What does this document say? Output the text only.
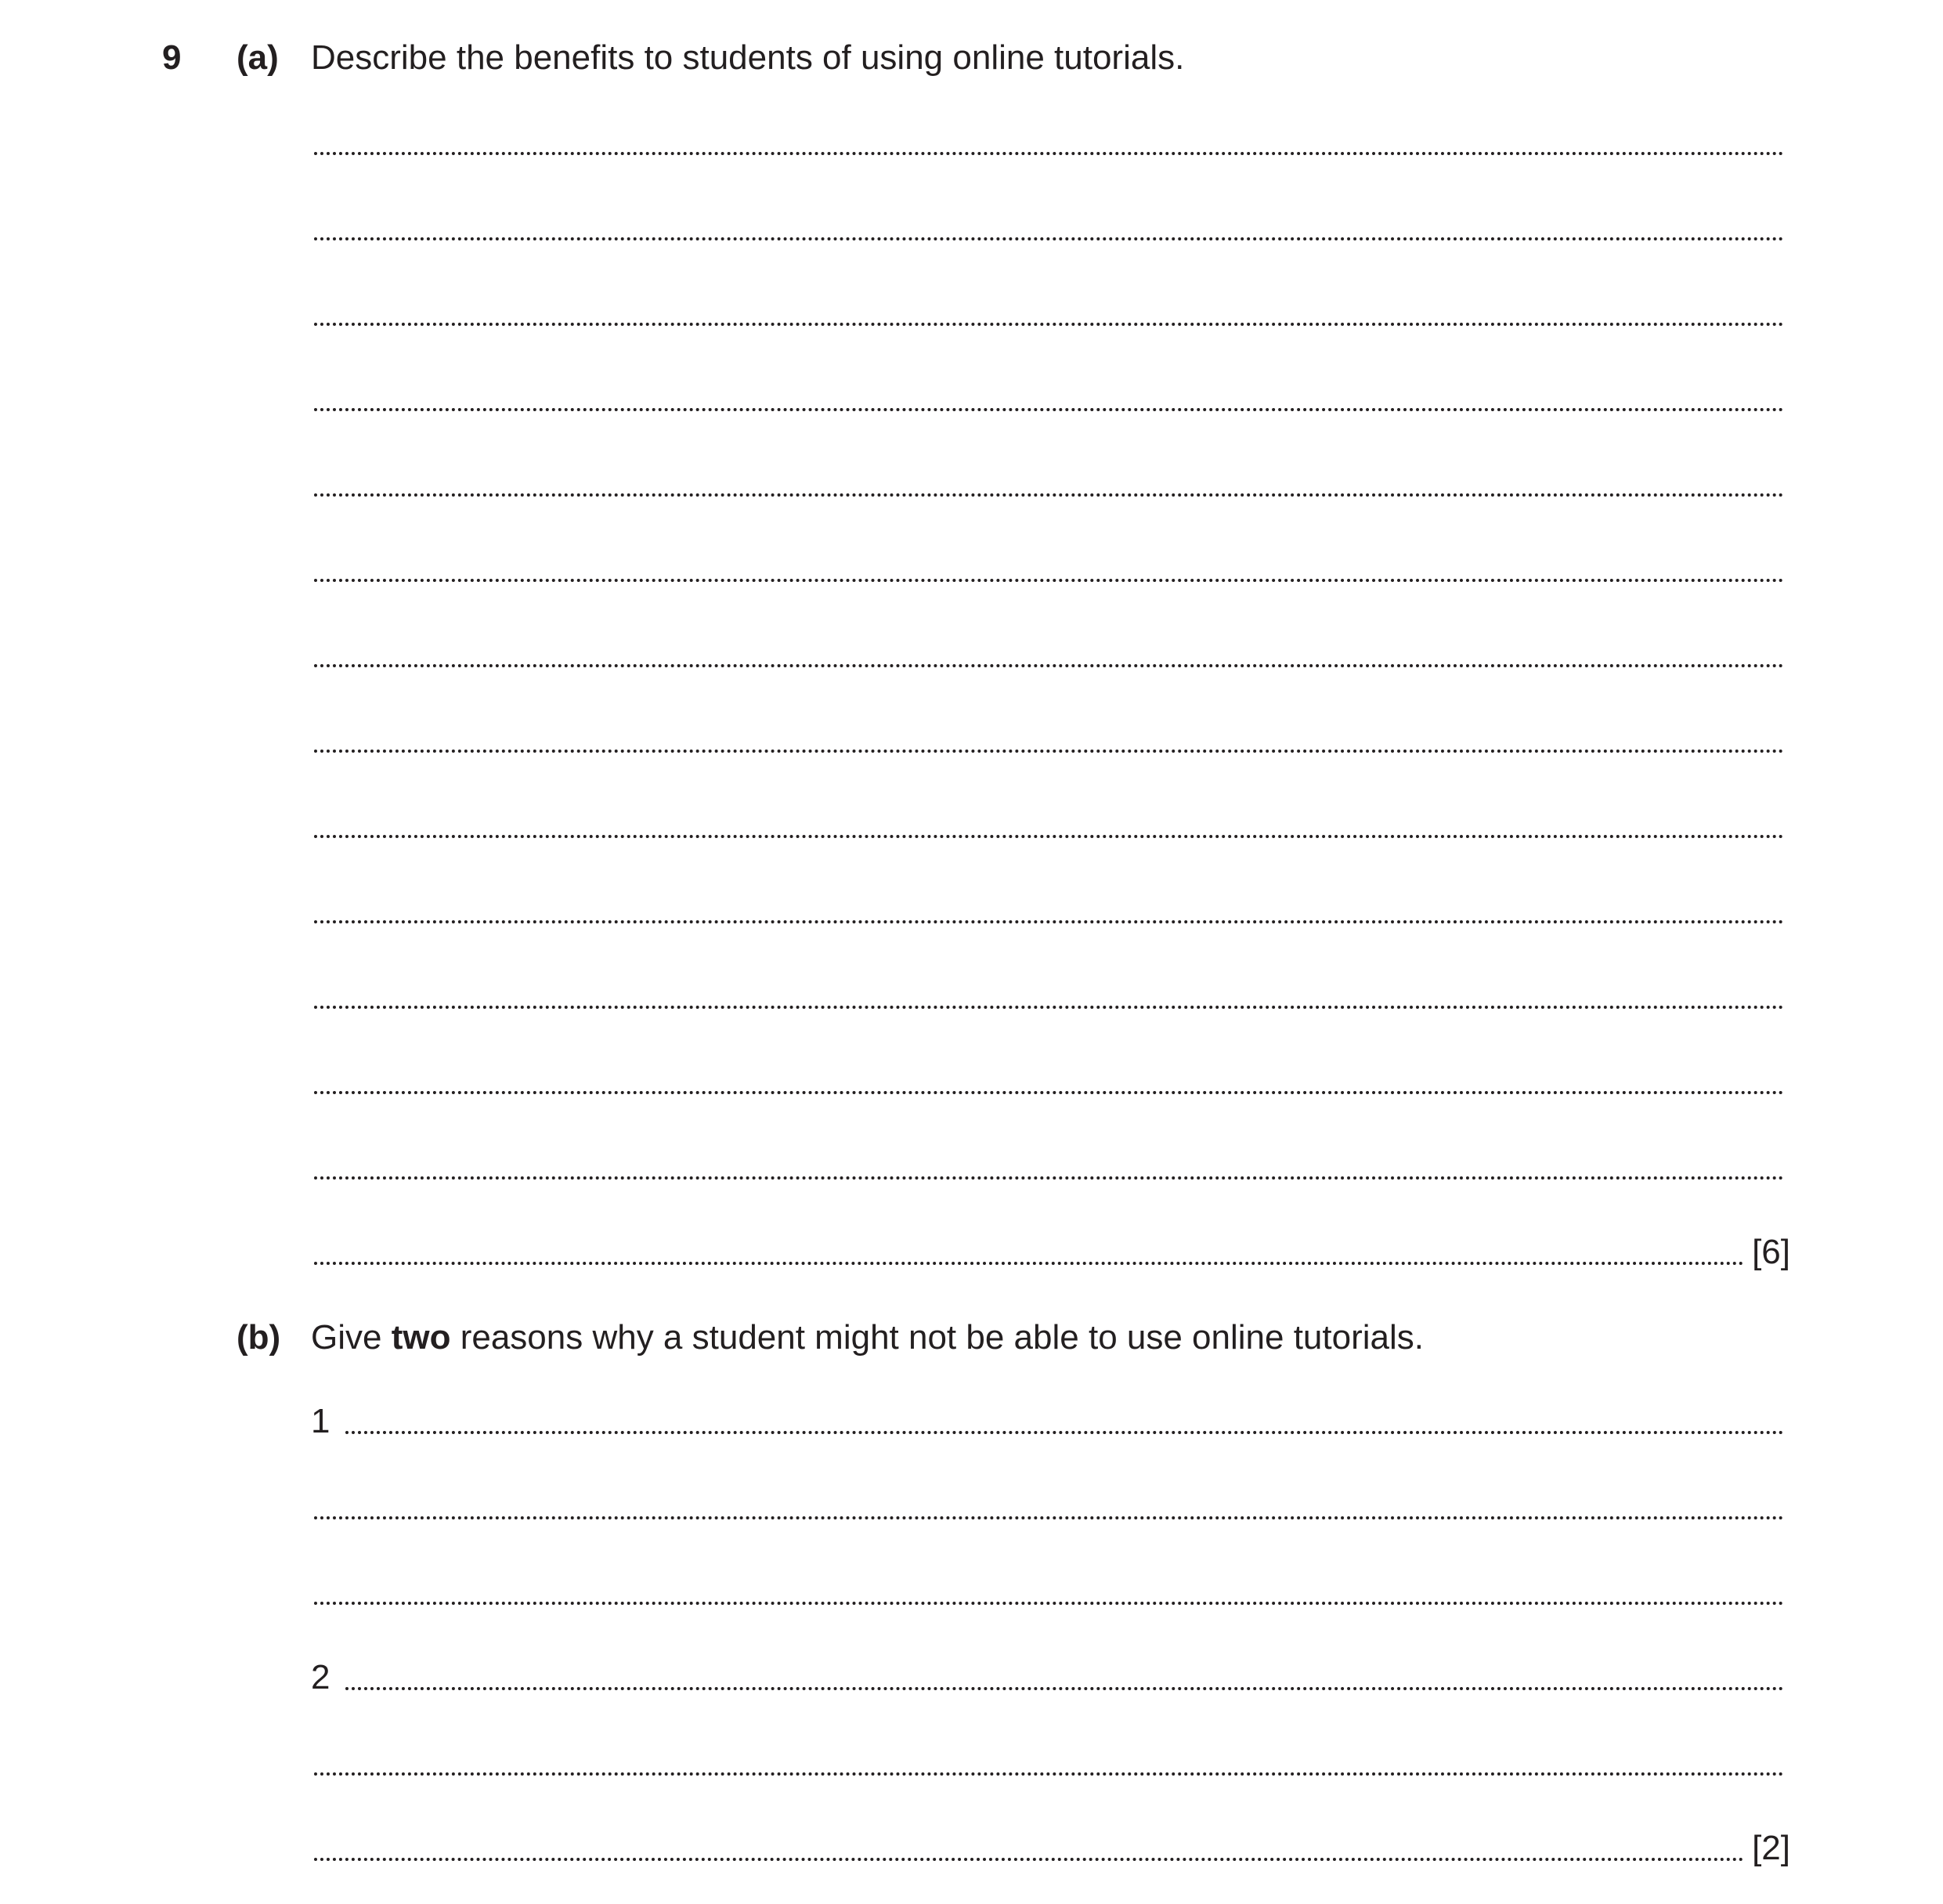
9 (a) Describe the benefits to students of using online tutorials.
[6]
(b) Give two reasons why a student might not be able to use online tutorials.
1
2
[2]
